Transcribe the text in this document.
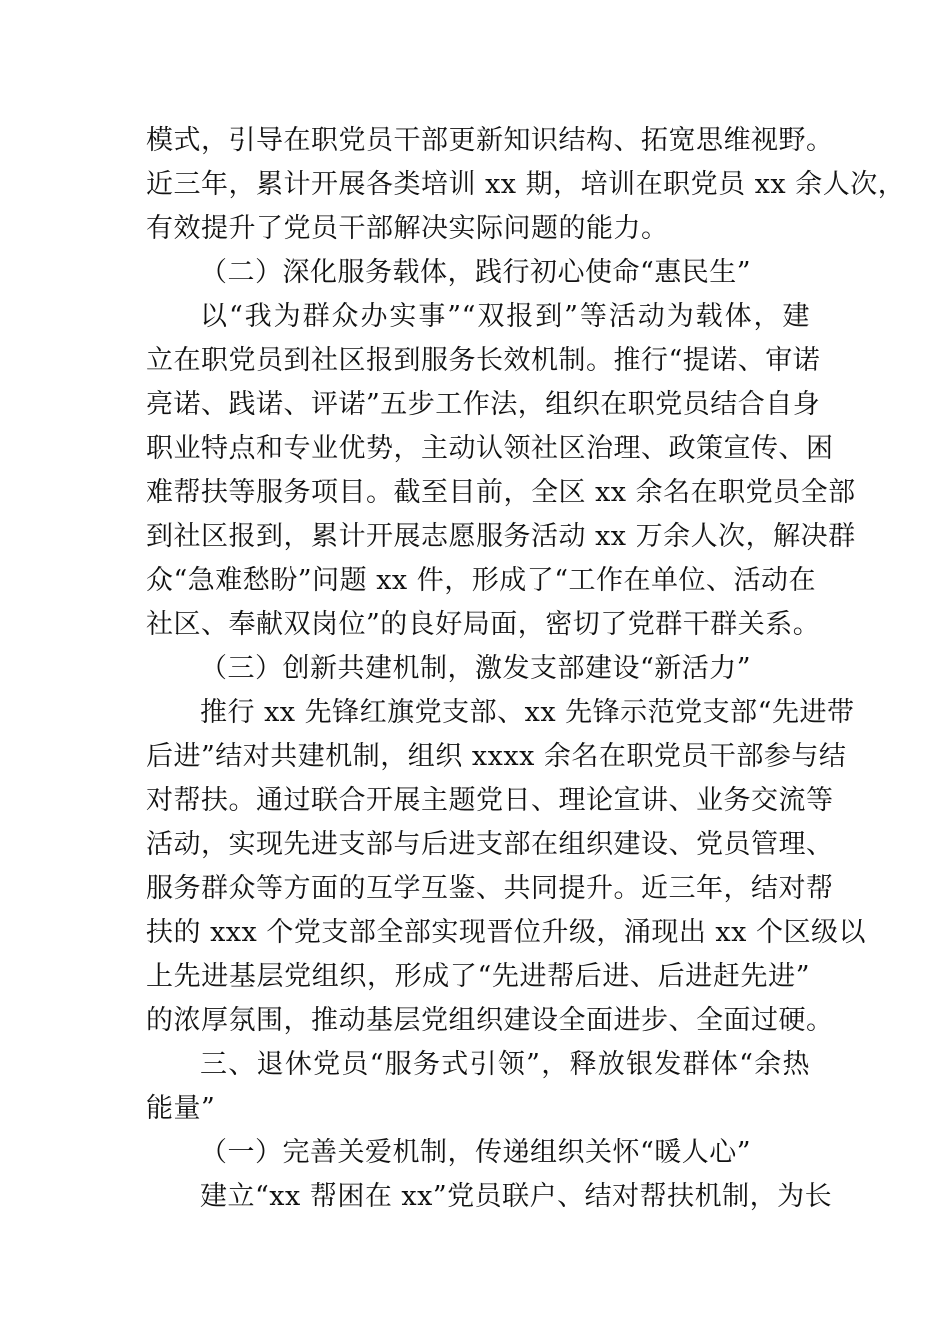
模式，引导在职党员干部更新知识结构、拓宽思维视野。
近三年，累计开展各类培训 xx 期，培训在职党员 xx 余人次，
有效提升了党员干部解决实际问题的能力。
（二）深化服务载体，践行初心使命“惠民生”
以“我为群众办实事”“双报到”等活动为载体，建
立在职党员到社区报到服务长效机制。推行“提诺、审诺
亮诺、践诺、评诺”五步工作法，组织在职党员结合自身
职业特点和专业优势，主动认领社区治理、政策宣传、困
难帮扶等服务项目。截至目前，全区 xx 余名在职党员全部
到社区报到，累计开展志愿服务活动 xx 万余人次，解决群
众“急难愁盼”问题 xx 件，形成了“工作在单位、活动在
社区、奉献双岗位”的良好局面，密切了党群干群关系。
（三）创新共建机制，激发支部建设“新活力”
推行 xx 先锋红旗党支部、xx 先锋示范党支部“先进带
后进”结对共建机制，组织 xxxx 余名在职党员干部参与结
对帮扶。通过联合开展主题党日、理论宣讲、业务交流等
活动，实现先进支部与后进支部在组织建设、党员管理、
服务群众等方面的互学互鉴、共同提升。近三年，结对帮
扶的 xxx 个党支部全部实现晋位升级，涌现出 xx 个区级以
上先进基层党组织，形成了“先进帮后进、后进赶先进”
的浓厚氛围，推动基层党组织建设全面进步、全面过硬。
三、退休党员“服务式引领”，释放银发群体“余热
能量”
（一）完善关爱机制，传递组织关怀“暖人心”
建立“xx 帮困在 xx”党员联户、结对帮扶机制，为长
